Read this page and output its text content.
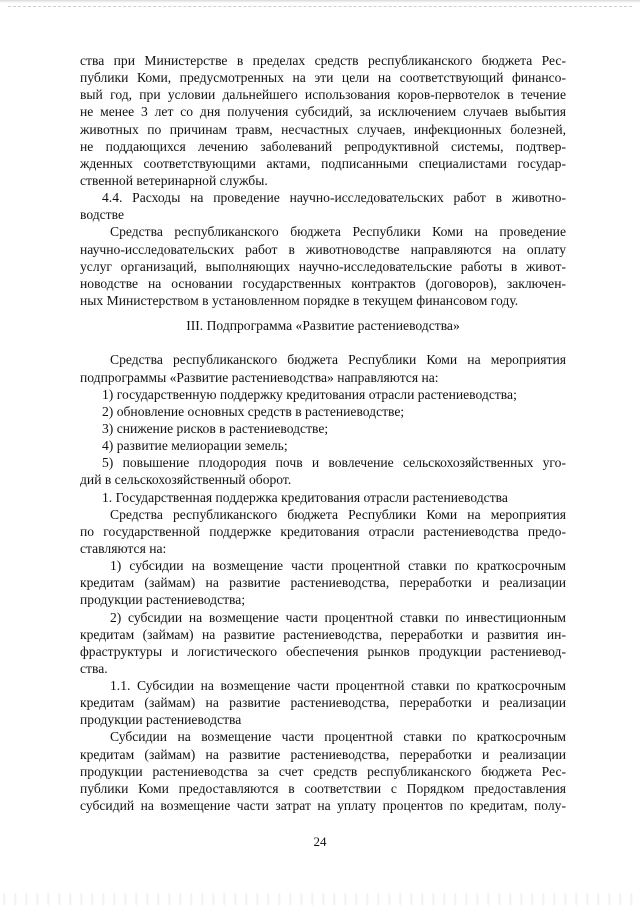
ства при Министерстве в пределах средств республиканского бюджета Рес-
публики Коми, предусмотренных на эти цели на соответствующий финансо-
вый год, при условии дальнейшего использования коров-первотелок в течение
не менее 3 лет со дня получения субсидий, за исключением случаев выбытия
животных по причинам травм, несчастных случаев, инфекционных болезней,
не поддающихся лечению заболеваний репродуктивной системы, подтвер-
жденных соответствующими актами, подписанными специалистами государ-
ственной ветеринарной службы.
4.4. Расходы на проведение научно-исследовательских работ в животно-
водстве
Средства республиканского бюджета Республики Коми на проведение
научно-исследовательских работ в животноводстве направляются на оплату
услуг организаций, выполняющих научно-исследовательские работы в живот-
новодстве на основании государственных контрактов (договоров), заключен-
ных Министерством в установленном порядке в текущем финансовом году.
III. Подпрограмма «Развитие растениеводства»
Средства республиканского бюджета Республики Коми на мероприятия
подпрограммы «Развитие растениеводства» направляются на:
1) государственную поддержку кредитования отрасли растениеводства;
2) обновление основных средств в растениеводстве;
3) снижение рисков в растениеводстве;
4) развитие мелиорации земель;
5) повышение плодородия почв и вовлечение сельскохозяйственных уго-
дий в сельскохозяйственный оборот.
1. Государственная поддержка кредитования отрасли растениеводства
Средства республиканского бюджета Республики Коми на мероприятия
по государственной поддержке кредитования отрасли растениеводства предо-
ставляются на:
1) субсидии на возмещение части процентной ставки по краткосрочным
кредитам (займам) на развитие растениеводства, переработки и реализации
продукции растениеводства;
2) субсидии на возмещение части процентной ставки по инвестиционным
кредитам (займам) на развитие растениеводства, переработки и развития ин-
фраструктуры и логистического обеспечения рынков продукции растениевод-
ства.
1.1. Субсидии на возмещение части процентной ставки по краткосрочным
кредитам (займам) на развитие растениеводства, переработки и реализации
продукции растениеводства
Субсидии на возмещение части процентной ставки по краткосрочным
кредитам (займам) на развитие растениеводства, переработки и реализации
продукции растениеводства за счет средств республиканского бюджета Рес-
публики Коми предоставляются в соответствии с Порядком предоставления
субсидий на возмещение части затрат на уплату процентов по кредитам, полу-
24
